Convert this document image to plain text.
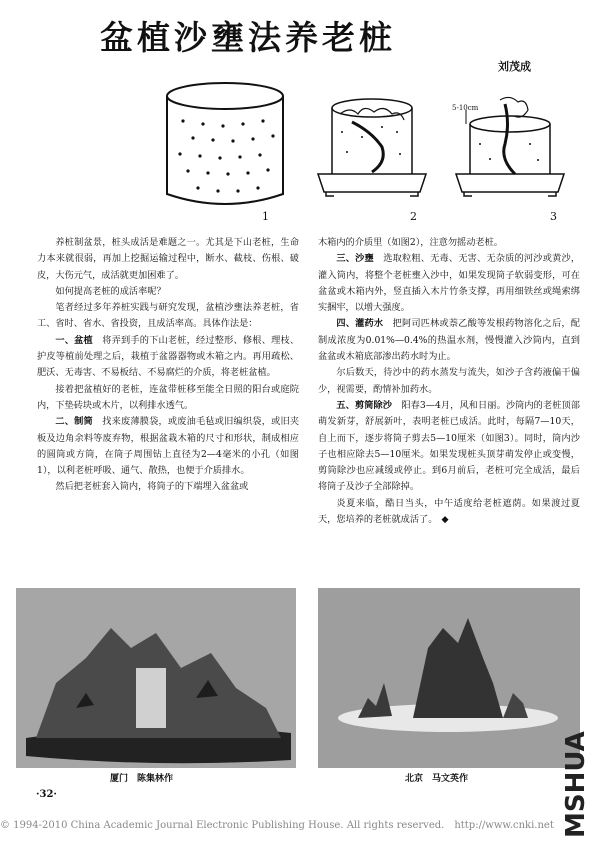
盆植沙壅法养老桩
刘茂成
1	2
5-10cm
3

养桩制盆景，桩头成活是难题之一。尤其是下山老桩，生命力本来就很弱，再加上挖掘运输过程中，断水、截枝、伤根、破皮，大伤元气，成活就更加困难了。

如何提高老桩的成活率呢？

笔者经过多年养桩实践与研究发现，盆植沙壅法养老桩，省工、省时、省水、省投资，且成活率高。具体作法是：

一、盆植　将弄到手的下山老桩，经过整形、修根、理枝、护皮等植前处理之后，栽植于盆器器物或木箱之内。再用疏松、肥沃、无毒害、不易板结、不易腐烂的介质，将老桩盆植。

接着把盆植好的老桩，连盆带桩移至能全日照的阳台或庭院内，下垫砖块或木片，以利排水透气。

二、制筒　找来废薄膜袋，或废油毛毡或旧编织袋，或旧夹板及边角余料等废弃物，根据盆栽木箱的尺寸和形状，制成相应的圆筒或方筒，在筒子周围钻上直径为2—4毫米的小孔（如图1），以利老桩呼吸、通气、散热，也便于介质排水。

然后把老桩套入筒内，将筒子的下端埋入盆盆或

木箱内的介质里（如图2），注意勿摇动老桩。

三、沙壅　选取粒粗、无毒、无害、无杂质的河沙或黄沙，灌入筒内，将整个老桩壅入沙中，如果发现筒子软弱变形，可在盆盆或木箱内外，竖直插入木片竹条支撑，再用细铁丝或绳索绑实捆牢，以增大强度。

四、灌药水　把阿司匹林或萘乙酸等发根药物溶化之后，配制成浓度为0.01%—0.4%的热温水剂，慢慢灌入沙筒内，直到盆盆或木箱底部渗出药水时为止。

尔后数天，待沙中的药水蒸发与流失，如沙子含药液偏干偏少，视需要，酌情补加药水。

五、剪筒除沙　阳春3—4月，风和日丽。沙筒内的老桩顶部萌发新芽，舒展新叶，表明老桩已成活。此时，每隔7—10天，自上而下，逐步将筒子剪去5—10厘米（如图3）。同时，筒内沙子也相应除去5—10厘米。如果发现桩头顶芽萌发停止或变慢，剪筒除沙也应减缓或停止。到6月前后，老桩可完全成活，最后将筒子及沙子全部除掉。

炎夏来临，酷日当头，中午适度给老桩遮荫。如果渡过夏天，您培养的老桩就成活了。 ◆

厦门　陈集林作	北京　马文英作
·32·
© 1994-2010 China Academic Journal Electronic Publishing House. All rights reserved.　http://www.cnki.net MSHUA
